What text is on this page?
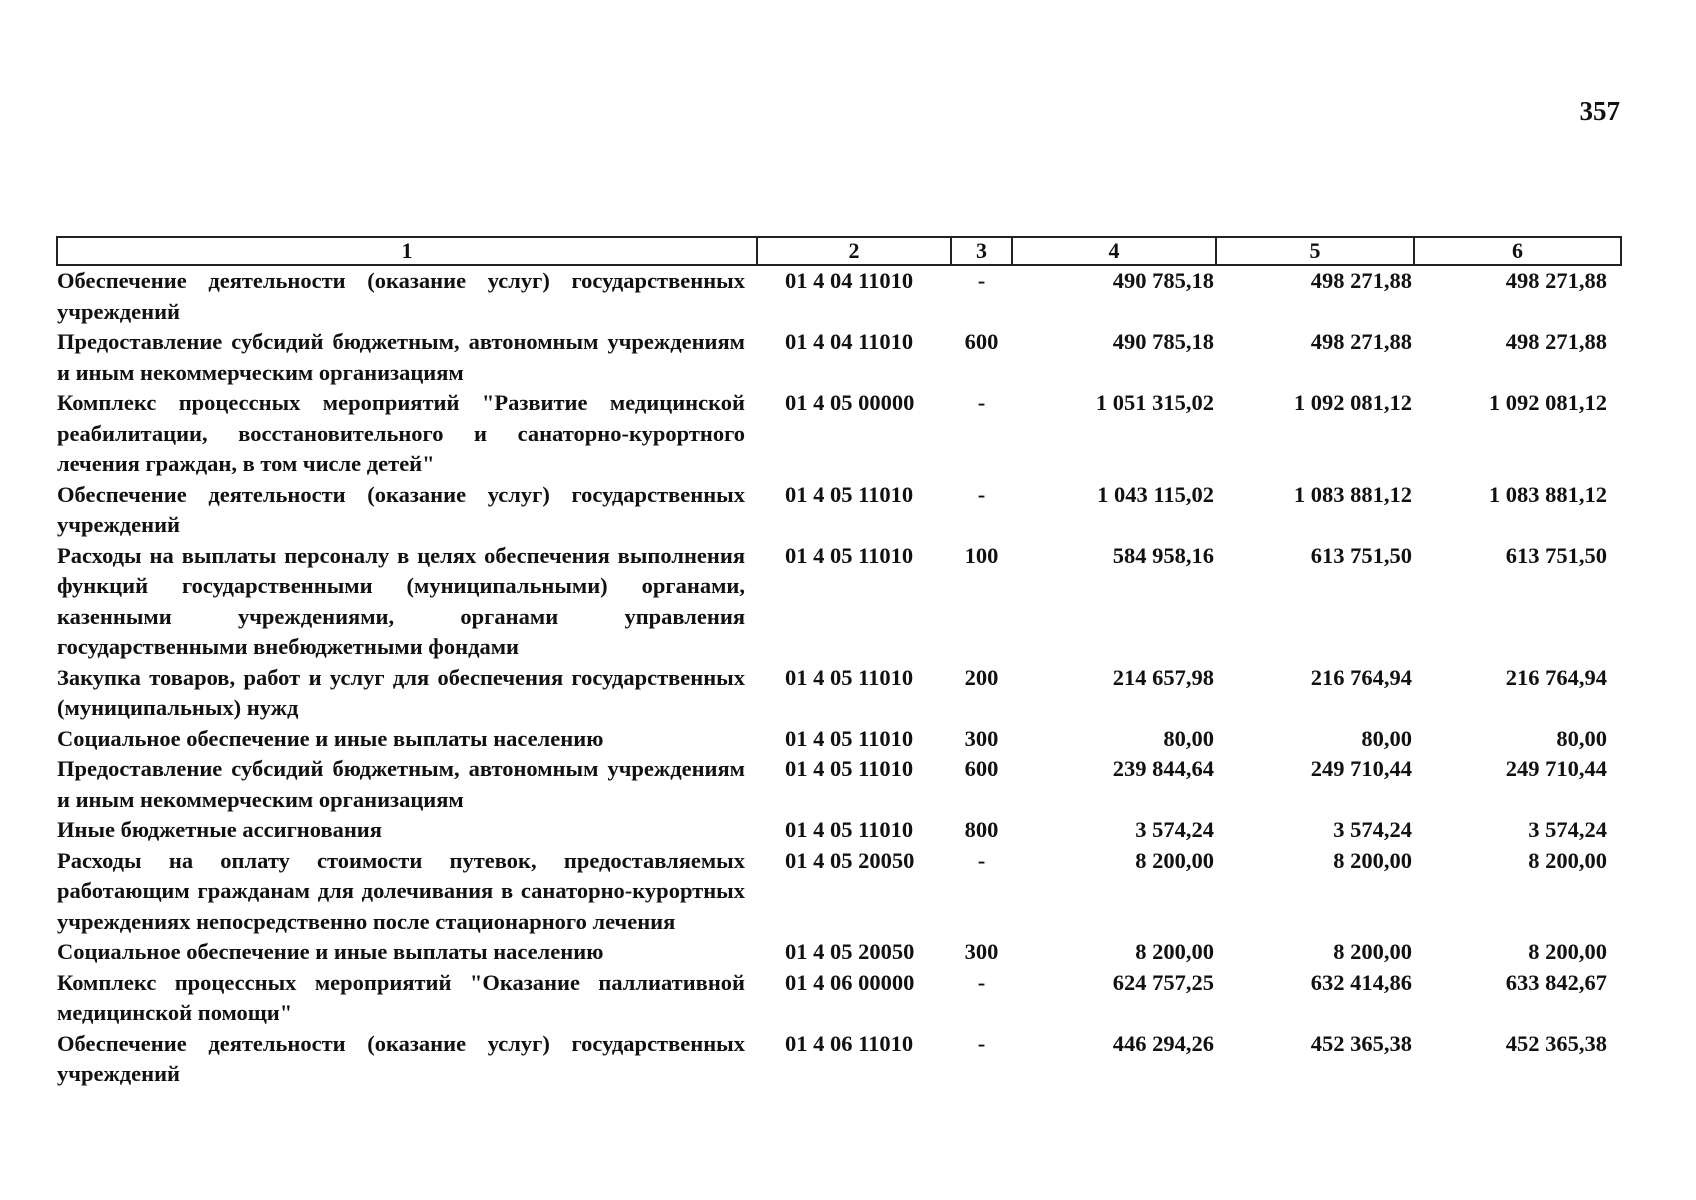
357
1	2	3	4	5	6
Обеспечение деятельности (оказание услуг) государственных учреждений	01 4 04 11010	-	490 785,18	498 271,88	498 271,88
Предоставление субсидий бюджетным, автономным учреждениям и иным некоммерческим организациям	01 4 04 11010	600	490 785,18	498 271,88	498 271,88
Комплекс процессных мероприятий "Развитие медицинской реабилитации, восстановительного и санаторно-курортного лечения граждан, в том числе детей"	01 4 05 00000	-	1 051 315,02	1 092 081,12	1 092 081,12
Обеспечение деятельности (оказание услуг) государственных учреждений	01 4 05 11010	-	1 043 115,02	1 083 881,12	1 083 881,12
Расходы на выплаты персоналу в целях обеспечения выполнения функций государственными (муниципальными) органами, казенными учреждениями, органами управления государственными внебюджетными фондами	01 4 05 11010	100	584 958,16	613 751,50	613 751,50
Закупка товаров, работ и услуг для обеспечения государственных (муниципальных) нужд	01 4 05 11010	200	214 657,98	216 764,94	216 764,94
Социальное обеспечение и иные выплаты населению	01 4 05 11010	300	80,00	80,00	80,00
Предоставление субсидий бюджетным, автономным учреждениям и иным некоммерческим организациям	01 4 05 11010	600	239 844,64	249 710,44	249 710,44
Иные бюджетные ассигнования	01 4 05 11010	800	3 574,24	3 574,24	3 574,24
Расходы на оплату стоимости путевок, предоставляемых работающим гражданам для долечивания в санаторно-курортных учреждениях непосредственно после стационарного лечения	01 4 05 20050	-	8 200,00	8 200,00	8 200,00
Социальное обеспечение и иные выплаты населению	01 4 05 20050	300	8 200,00	8 200,00	8 200,00
Комплекс процессных мероприятий "Оказание паллиативной медицинской помощи"	01 4 06 00000	-	624 757,25	632 414,86	633 842,67
Обеспечение деятельности (оказание услуг) государственных учреждений	01 4 06 11010	-	446 294,26	452 365,38	452 365,38
